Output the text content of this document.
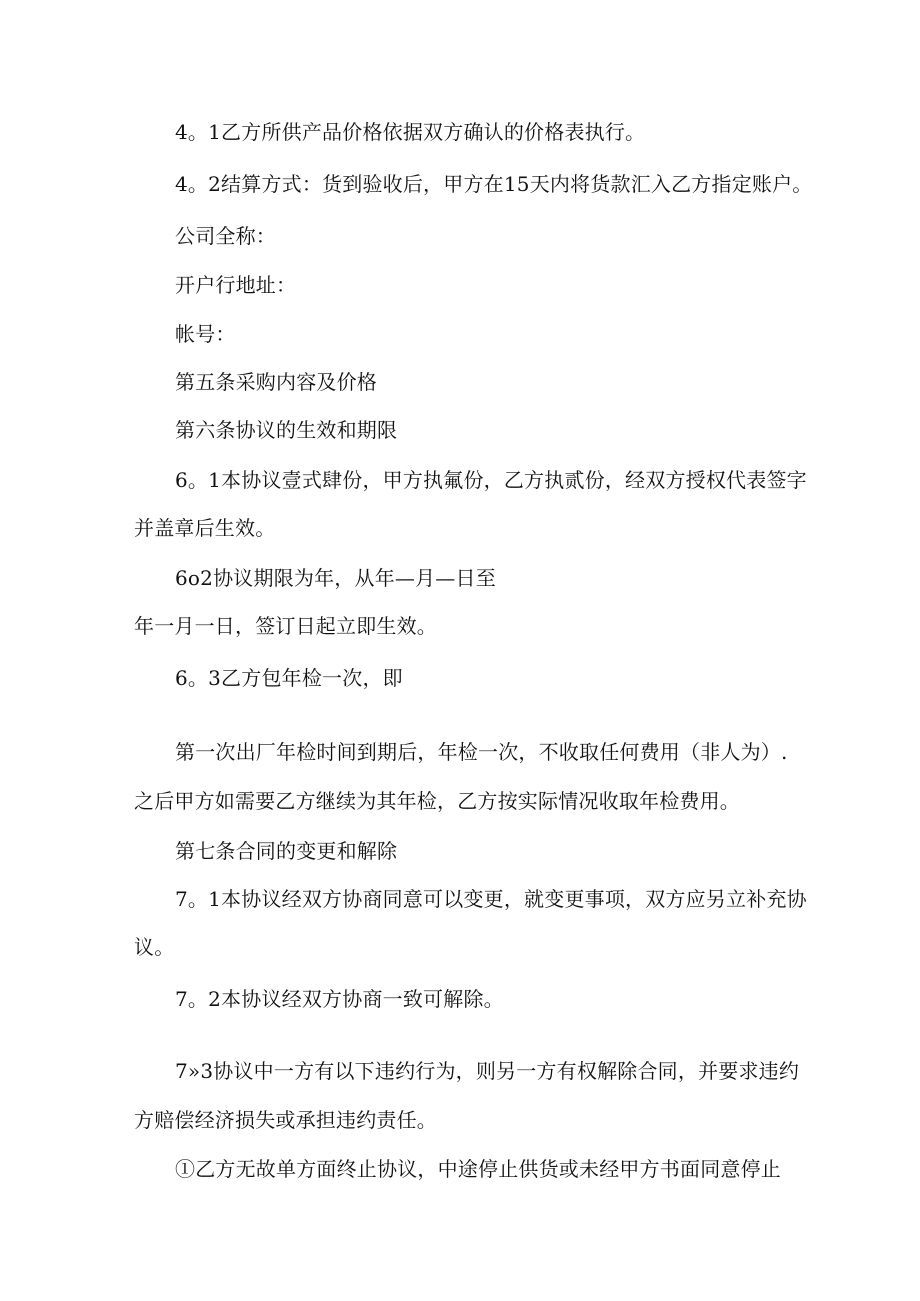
4。1乙方所供产品价格依据双方确认的价格表执行。
4。2结算方式：货到验收后，甲方在15天内将货款汇入乙方指定账户。
公司全称：
开户行地址：
帐号：
第五条采购内容及价格
第六条协议的生效和期限
6。1本协议壹式肆份，甲方执氟份，乙方执贰份，经双方授权代表签字
并盖章后生效。
6o2协议期限为年，从年—月—日至
年一月一日，签订日起立即生效。
6。3乙方包年检一次，即
第一次出厂年检时间到期后，年检一次，不收取任何费用（非人为）.
之后甲方如需要乙方继续为其年检，乙方按实际情况收取年检费用。
第七条合同的变更和解除
7。1本协议经双方协商同意可以变更，就变更事项，双方应另立补充协
议。
7。2本协议经双方协商一致可解除。
7»3协议中一方有以下违约行为，则另一方有权解除合同，并要求违约
方赔偿经济损失或承担违约责任。
①乙方无故单方面终止协议，中途停止供货或未经甲方书面同意停止
